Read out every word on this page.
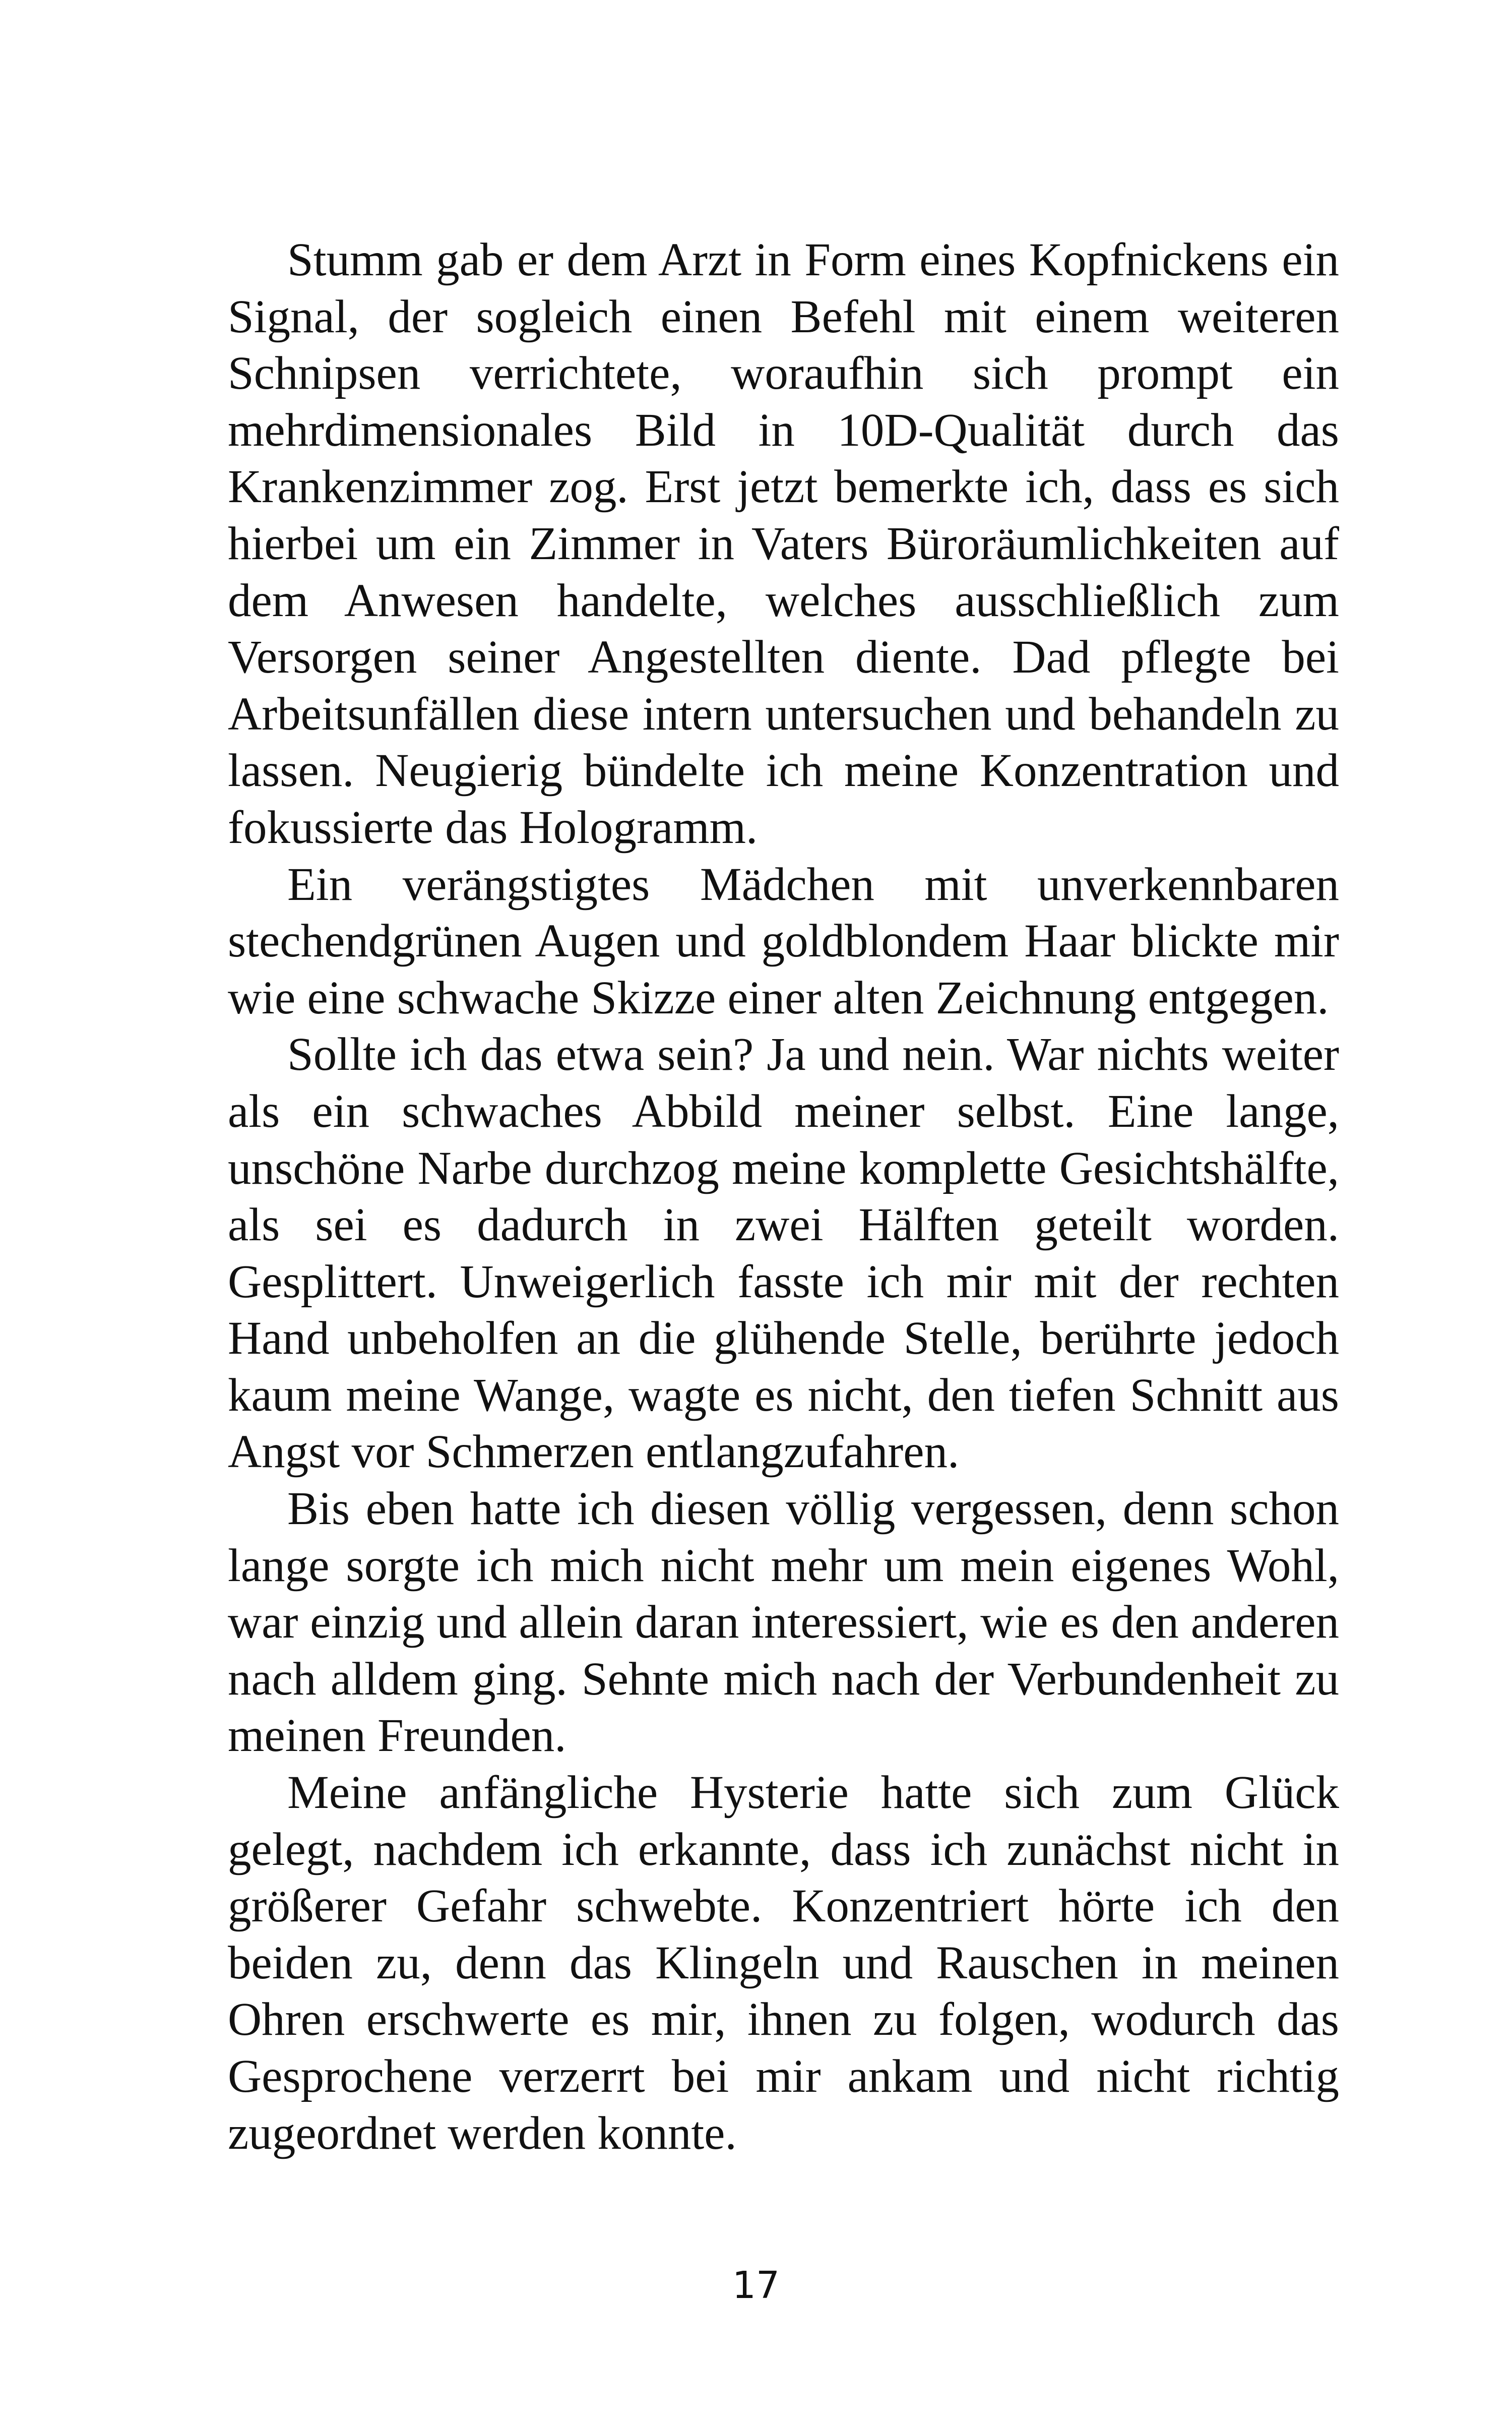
Stumm gab er dem Arzt in Form eines Kopfnickens ein Signal, der sogleich einen Befehl mit einem weiteren Schnipsen verrichtete, woraufhin sich prompt ein mehrdimensionales Bild in 10D-Qualität durch das Krankenzimmer zog. Erst jetzt bemerkte ich, dass es sich hierbei um ein Zimmer in Vaters Büroräumlichkeiten auf dem Anwesen handelte, welches ausschließlich zum Versorgen seiner Angestellten diente. Dad pflegte bei Arbeitsunfällen diese intern untersuchen und behandeln zu lassen. Neugierig bündelte ich meine Konzentration und fokussierte das Hologramm.

Ein verängstigtes Mädchen mit unverkennbaren stechendgrünen Augen und goldblondem Haar blickte mir wie eine schwache Skizze einer alten Zeichnung entgegen.

Sollte ich das etwa sein? Ja und nein. War nichts weiter als ein schwaches Abbild meiner selbst. Eine lange, unschöne Narbe durchzog meine komplette Gesichtshälfte, als sei es dadurch in zwei Hälften geteilt worden. Gesplittert. Unweigerlich fasste ich mir mit der rechten Hand unbeholfen an die glühende Stelle, berührte jedoch kaum meine Wange, wagte es nicht, den tiefen Schnitt aus Angst vor Schmerzen entlangzufahren.

Bis eben hatte ich diesen völlig vergessen, denn schon lange sorgte ich mich nicht mehr um mein eigenes Wohl, war einzig und allein daran interessiert, wie es den anderen nach alldem ging. Sehnte mich nach der Verbundenheit zu meinen Freunden.

Meine anfängliche Hysterie hatte sich zum Glück gelegt, nachdem ich erkannte, dass ich zunächst nicht in größerer Gefahr schwebte. Konzentriert hörte ich den beiden zu, denn das Klingeln und Rauschen in meinen Ohren erschwerte es mir, ihnen zu folgen, wodurch das Gesprochene verzerrt bei mir ankam und nicht richtig zugeordnet werden konnte.

17
